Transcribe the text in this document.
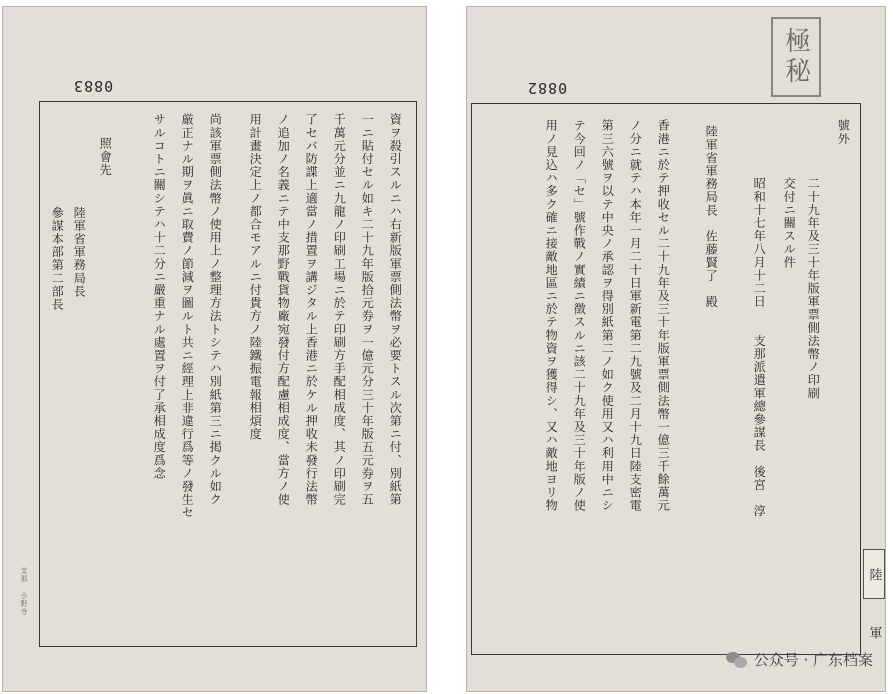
0883
資ヲ殺引スルニハ右新版軍票側法幣ヲ必要トスル次第ニ付、別紙第
一ニ貼付セル如キ二十九年版拾元券ヲ一億元分三十年版五元券ヲ五
千萬元分並ニ九龍ノ印刷工場ニ於テ印刷方手配相成度、其ノ印刷完
了セバ防諜上適當ノ措置ヲ講ジタル上香港ニ於ケル押收未發行法幣
ノ追加ノ名義ニテ中支那野戰貨物廠宛發付方配慮相成度、當方ノ使
用計畫決定上ノ都合モアルニ付貴方ノ陸鐵振電報相煩度
尚該軍票側法幣ノ使用上ノ整理方法トシテハ別紙第三ニ掲クル如ク
厳正ナル期ヲ眞ニ取費ノ節減ヲ圖ルト共ニ經理上非違行爲等ノ發生セ
サルコトニ關シテハ十二分ニ嚴重ナル處置ヲ付了承相成度爲念
照會先
　陸軍省軍務局長
　參謀本部第二部長
支那 小野寺
0882
極秘
號外
二十九年及三十年版軍票側法幣ノ印刷
交付ニ關スル件
昭和十七年八月十二日　　支那派遣軍總參謀長　後宮　淳
陸軍省軍務局長　佐藤賢了　殿
香港ニ於テ押收セル二十九年及三十年版軍票側法幣一億三千餘萬元
ノ分ニ就テハ本年一月二十日軍新電第二九號及二月十九日陸支密電
第三六號ヲ以テ中央ノ承認ヲ得別紙第二ノ如ク使用又ハ利用中ニシ
テ今回ノ「セ」號作戰ノ實績ニ徴スルニ該二十九年及三十年版ノ使
用ノ見込ハ多ク確ニ接敵地區ニ於テ物資ヲ獲得シ、又ハ敵地ヨリ物
陸
軍
公众号 · 广东档案
